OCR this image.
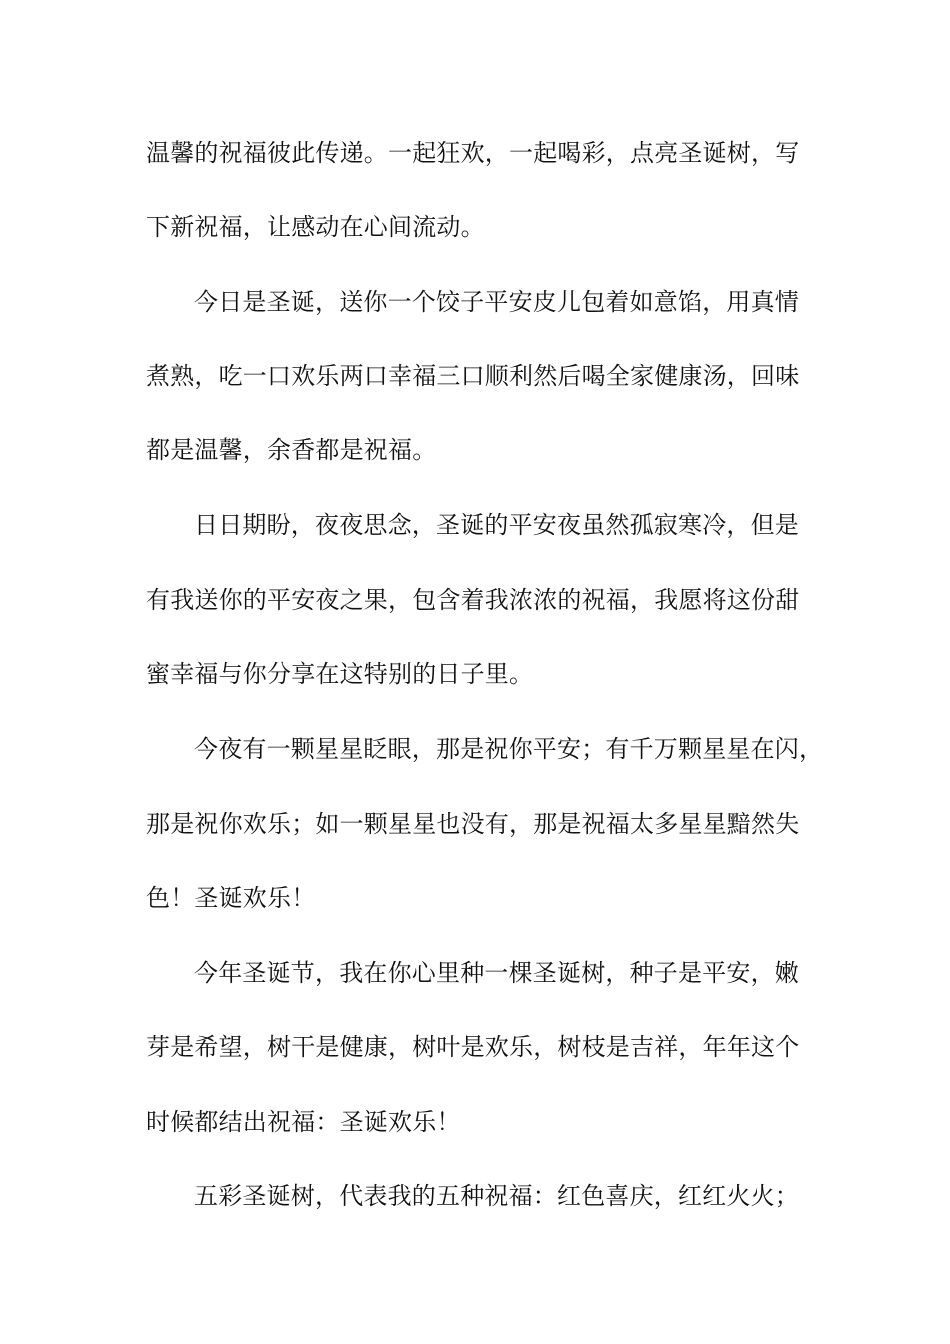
温馨的祝福彼此传递。一起狂欢，一起喝彩，点亮圣诞树，写
下新祝福，让感动在心间流动。
今日是圣诞，送你一个饺子平安皮儿包着如意馅，用真情
煮熟，吃一口欢乐两口幸福三口顺利然后喝全家健康汤，回味
都是温馨，余香都是祝福。
日日期盼，夜夜思念，圣诞的平安夜虽然孤寂寒冷，但是
有我送你的平安夜之果，包含着我浓浓的祝福，我愿将这份甜
蜜幸福与你分享在这特别的日子里。
今夜有一颗星星眨眼，那是祝你平安；有千万颗星星在闪，
那是祝你欢乐；如一颗星星也没有，那是祝福太多星星黯然失
色！圣诞欢乐！
今年圣诞节，我在你心里种一棵圣诞树，种子是平安，嫩
芽是希望，树干是健康，树叶是欢乐，树枝是吉祥，年年这个
时候都结出祝福：圣诞欢乐！
五彩圣诞树，代表我的五种祝福：红色喜庆，红红火火；
